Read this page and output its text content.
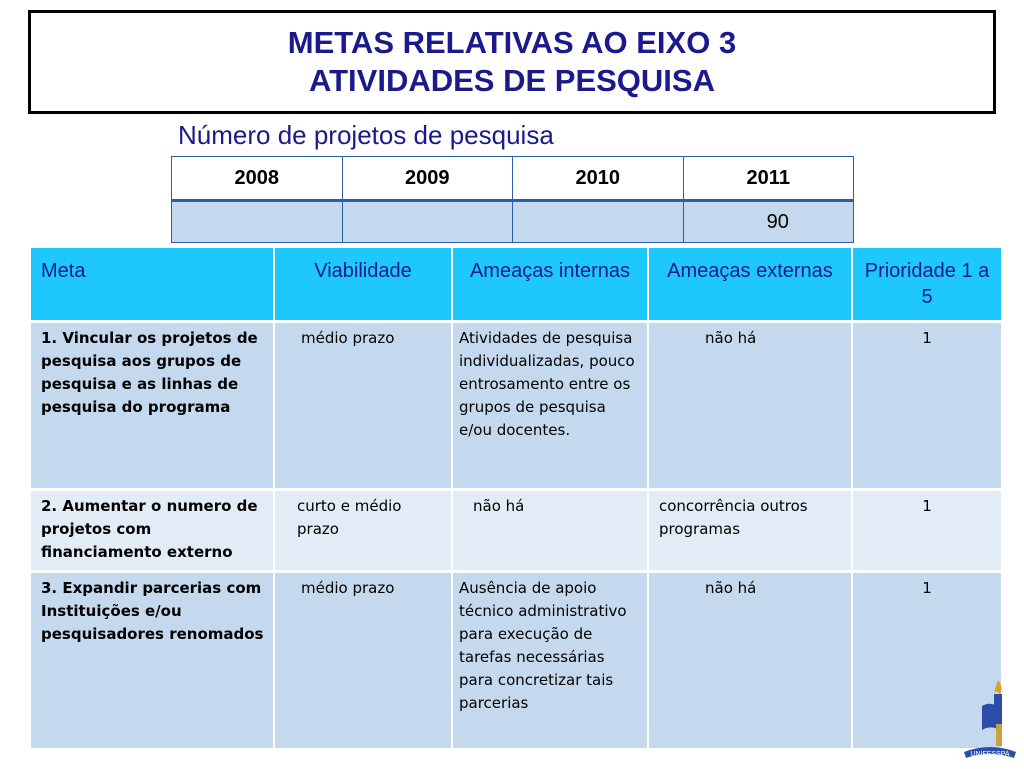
METAS RELATIVAS AO EIXO 3
ATIVIDADES DE PESQUISA
Número de projetos de pesquisa
2008	2009	2010	2011
			90
Meta	Viabilidade	Ameaças internas	Ameaças externas	Prioridade 1 a 5
1. Vincular os projetos de pesquisa aos grupos de pesquisa e as linhas de pesquisa do programa	médio prazo	Atividades de pesquisa individualizadas, pouco entrosamento entre os grupos de pesquisa e/ou docentes.	não há	1
2. Aumentar o numero de projetos com financiamento externo	curto e médio prazo	não há	concorrência outros programas	1
3. Expandir parcerias com Instituições e/ou pesquisadores renomados	médio prazo	Ausência de apoio técnico administrativo para execução de tarefas necessárias para concretizar tais parcerias	não há	1
UNIFESSPA
